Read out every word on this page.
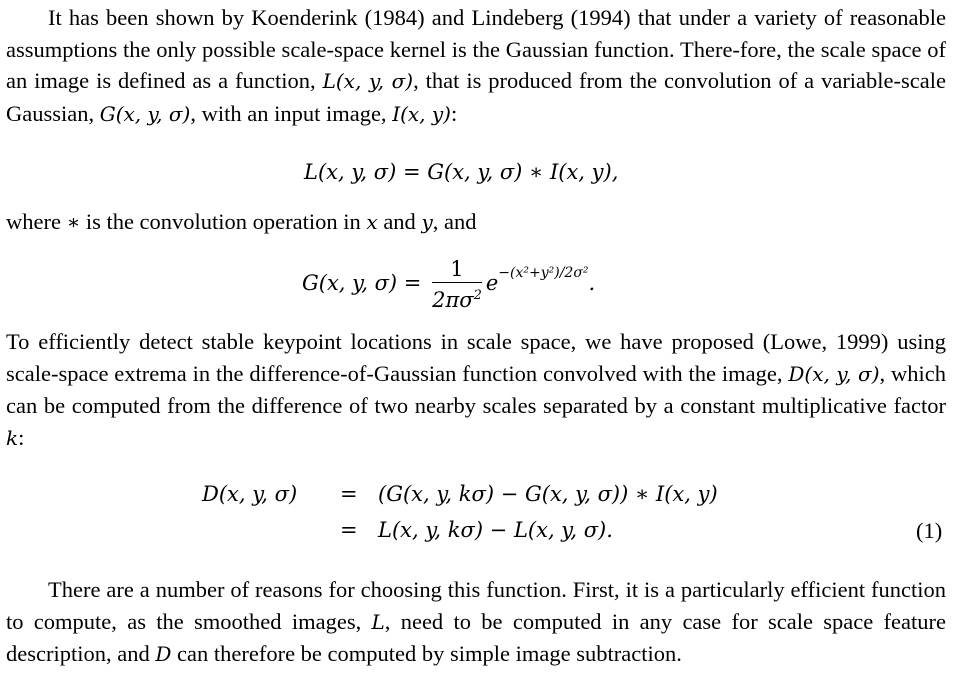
It has been shown by Koenderink (1984) and Lindeberg (1994) that under a variety of reasonable assumptions the only possible scale-space kernel is the Gaussian function. There-fore, the scale space of an image is defined as a function, L(x, y, σ), that is produced from the convolution of a variable-scale Gaussian, G(x, y, σ), with an input image, I(x, y):

L(x, y, σ) = G(x, y, σ) ∗ I(x, y),

where ∗ is the convolution operation in x and y, and

G(x, y, $\sigma) = \frac{1}{2\pi\sigma^2} e^{-(x^2+y^2)/2\sigma^2}$.

To efficiently detect stable keypoint locations in scale space, we have proposed (Lowe, 1999) using scale-space extrema in the difference-of-Gaussian function convolved with the image, D(x, y, σ), which can be computed from the difference of two nearby scales separated by a constant multiplicative factor k:

D(x, y, σ) = (G(x, y, kσ) − G(x, y, σ)) ∗ I(x, y)
= L(x, y, kσ) − L(x, y, σ).	(1)

There are a number of reasons for choosing this function. First, it is a particularly efficient function to compute, as the smoothed images, L, need to be computed in any case for scale space feature description, and D can therefore be computed by simple image subtraction.
